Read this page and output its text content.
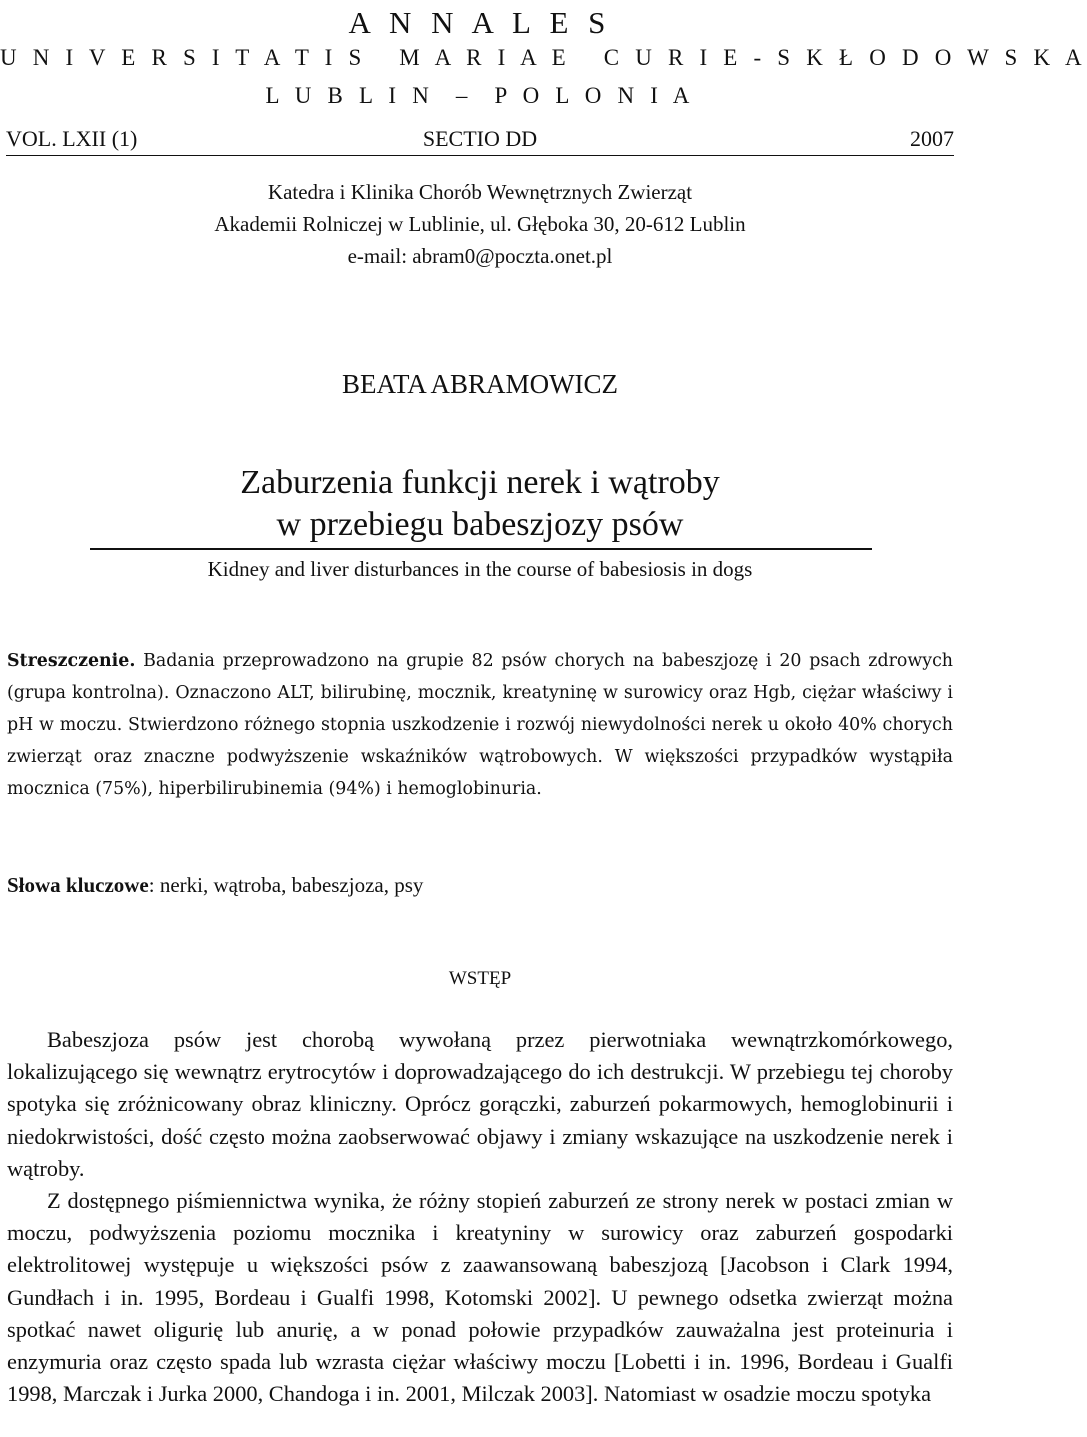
A N N A L E S
U N I V E R S I T A T I S   M A R I A E   C U R I E - S K Ł O D O W S K A
L U B L I N  –  P O L O N I A
VOL. LXII (1)	SECTIO DD	2007
Katedra i Klinika Chorób Wewnętrznych Zwierząt
Akademii Rolniczej w Lublinie, ul. Głęboka 30, 20-612 Lublin
e-mail: abram0@poczta.onet.pl
BEATA ABRAMOWICZ
Zaburzenia funkcji nerek i wątroby
w przebiegu babeszjozy psów
Kidney and liver disturbances in the course of babesiosis in dogs
Streszczenie. Badania przeprowadzono na grupie 82 psów chorych na babeszjozę i 20 psach zdrowych (grupa kontrolna). Oznaczono ALT, bilirubinę, mocznik, kreatyninę w surowicy oraz Hgb, ciężar właściwy i pH w moczu. Stwierdzono różnego stopnia uszkodzenie i rozwój niewydolności nerek u około 40% chorych zwierząt oraz znaczne podwyższenie wskaźników wątrobowych. W większości przypadków wystąpiła mocznica (75%), hiperbilirubinemia (94%) i hemoglobinuria.
Słowa kluczowe: nerki, wątroba, babeszjoza, psy
WSTĘP

Babeszjoza psów jest chorobą wywołaną przez pierwotniaka wewnątrzkomórkowego, lokalizującego się wewnątrz erytrocytów i doprowadzającego do ich destrukcji. W przebiegu tej choroby spotyka się zróżnicowany obraz kliniczny. Oprócz gorączki, zaburzeń pokarmowych, hemoglobinurii i niedokrwistości, dość często można zaobserwować objawy i zmiany wskazujące na uszkodzenie nerek i wątroby.

Z dostępnego piśmiennictwa wynika, że różny stopień zaburzeń ze strony nerek w postaci zmian w moczu, podwyższenia poziomu mocznika i kreatyniny w surowicy oraz zaburzeń gospodarki elektrolitowej występuje u większości psów z zaawansowaną babeszjozą [Jacobson i Clark 1994, Gundłach i in. 1995, Bordeau i Gualfi 1998, Kotomski 2002]. U pewnego odsetka zwierząt można spotkać nawet oligurię lub anurię, a w ponad połowie przypadków zauważalna jest proteinuria i enzymuria oraz często spada lub wzrasta ciężar właściwy moczu [Lobetti i in. 1996, Bordeau i Gualfi 1998, Marczak i Jurka 2000, Chandoga i in. 2001, Milczak 2003]. Natomiast w osadzie moczu spotyka
